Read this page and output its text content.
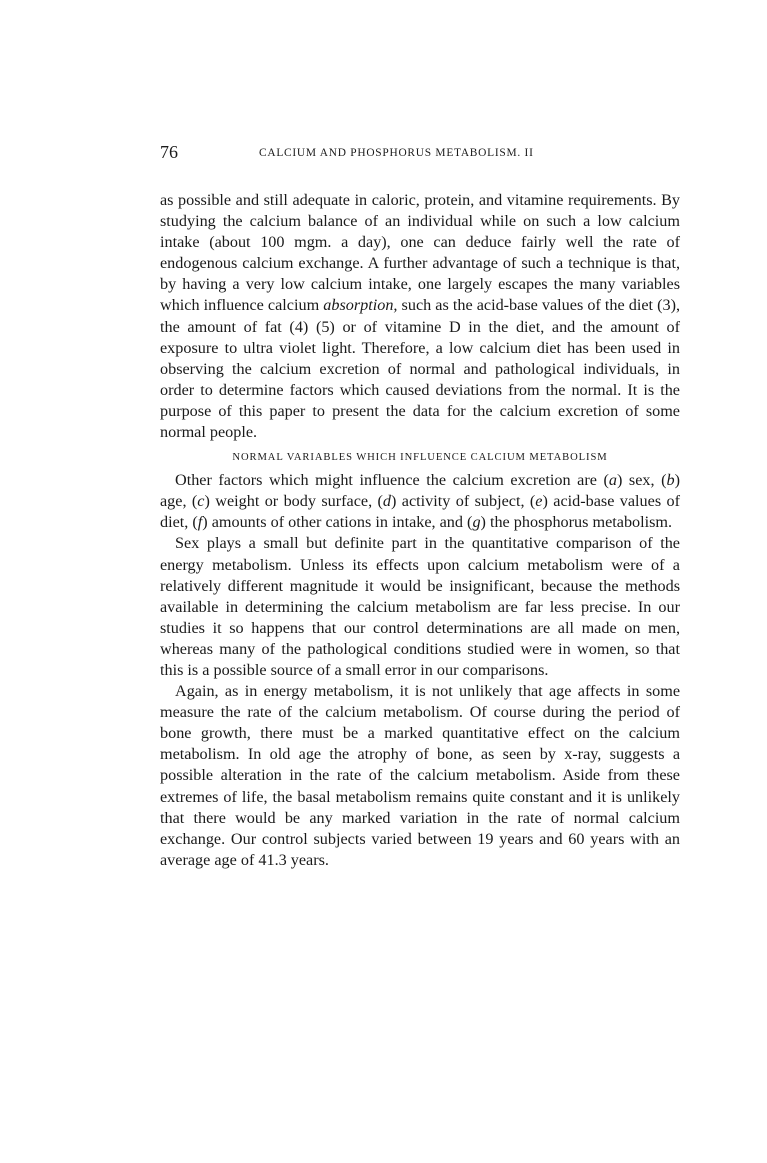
76	CALCIUM AND PHOSPHORUS METABOLISM. II

as possible and still adequate in caloric, protein, and vitamine requirements. By studying the calcium balance of an individual while on such a low calcium intake (about 100 mgm. a day), one can deduce fairly well the rate of endogenous calcium exchange. A further advantage of such a technique is that, by having a very low calcium intake, one largely escapes the many variables which influence calcium absorption, such as the acid-base values of the diet (3), the amount of fat (4) (5) or of vitamine D in the diet, and the amount of exposure to ultra violet light. Therefore, a low calcium diet has been used in observing the calcium excretion of normal and pathological individuals, in order to determine factors which caused deviations from the normal. It is the purpose of this paper to present the data for the calcium excretion of some normal people.

NORMAL VARIABLES WHICH INFLUENCE CALCIUM METABOLISM

Other factors which might influence the calcium excretion are (a) sex, (b) age, (c) weight or body surface, (d) activity of subject, (e) acid-base values of diet, (f) amounts of other cations in intake, and (g) the phosphorus metabolism.

Sex plays a small but definite part in the quantitative comparison of the energy metabolism. Unless its effects upon calcium metabolism were of a relatively different magnitude it would be insignificant, because the methods available in determining the calcium metabolism are far less precise. In our studies it so happens that our control determinations are all made on men, whereas many of the pathological conditions studied were in women, so that this is a possible source of a small error in our comparisons.

Again, as in energy metabolism, it is not unlikely that age affects in some measure the rate of the calcium metabolism. Of course during the period of bone growth, there must be a marked quantitative effect on the calcium metabolism. In old age the atrophy of bone, as seen by x-ray, suggests a possible alteration in the rate of the calcium metabolism. Aside from these extremes of life, the basal metabolism remains quite constant and it is unlikely that there would be any marked variation in the rate of normal calcium exchange. Our control subjects varied between 19 years and 60 years with an average age of 41.3 years.
